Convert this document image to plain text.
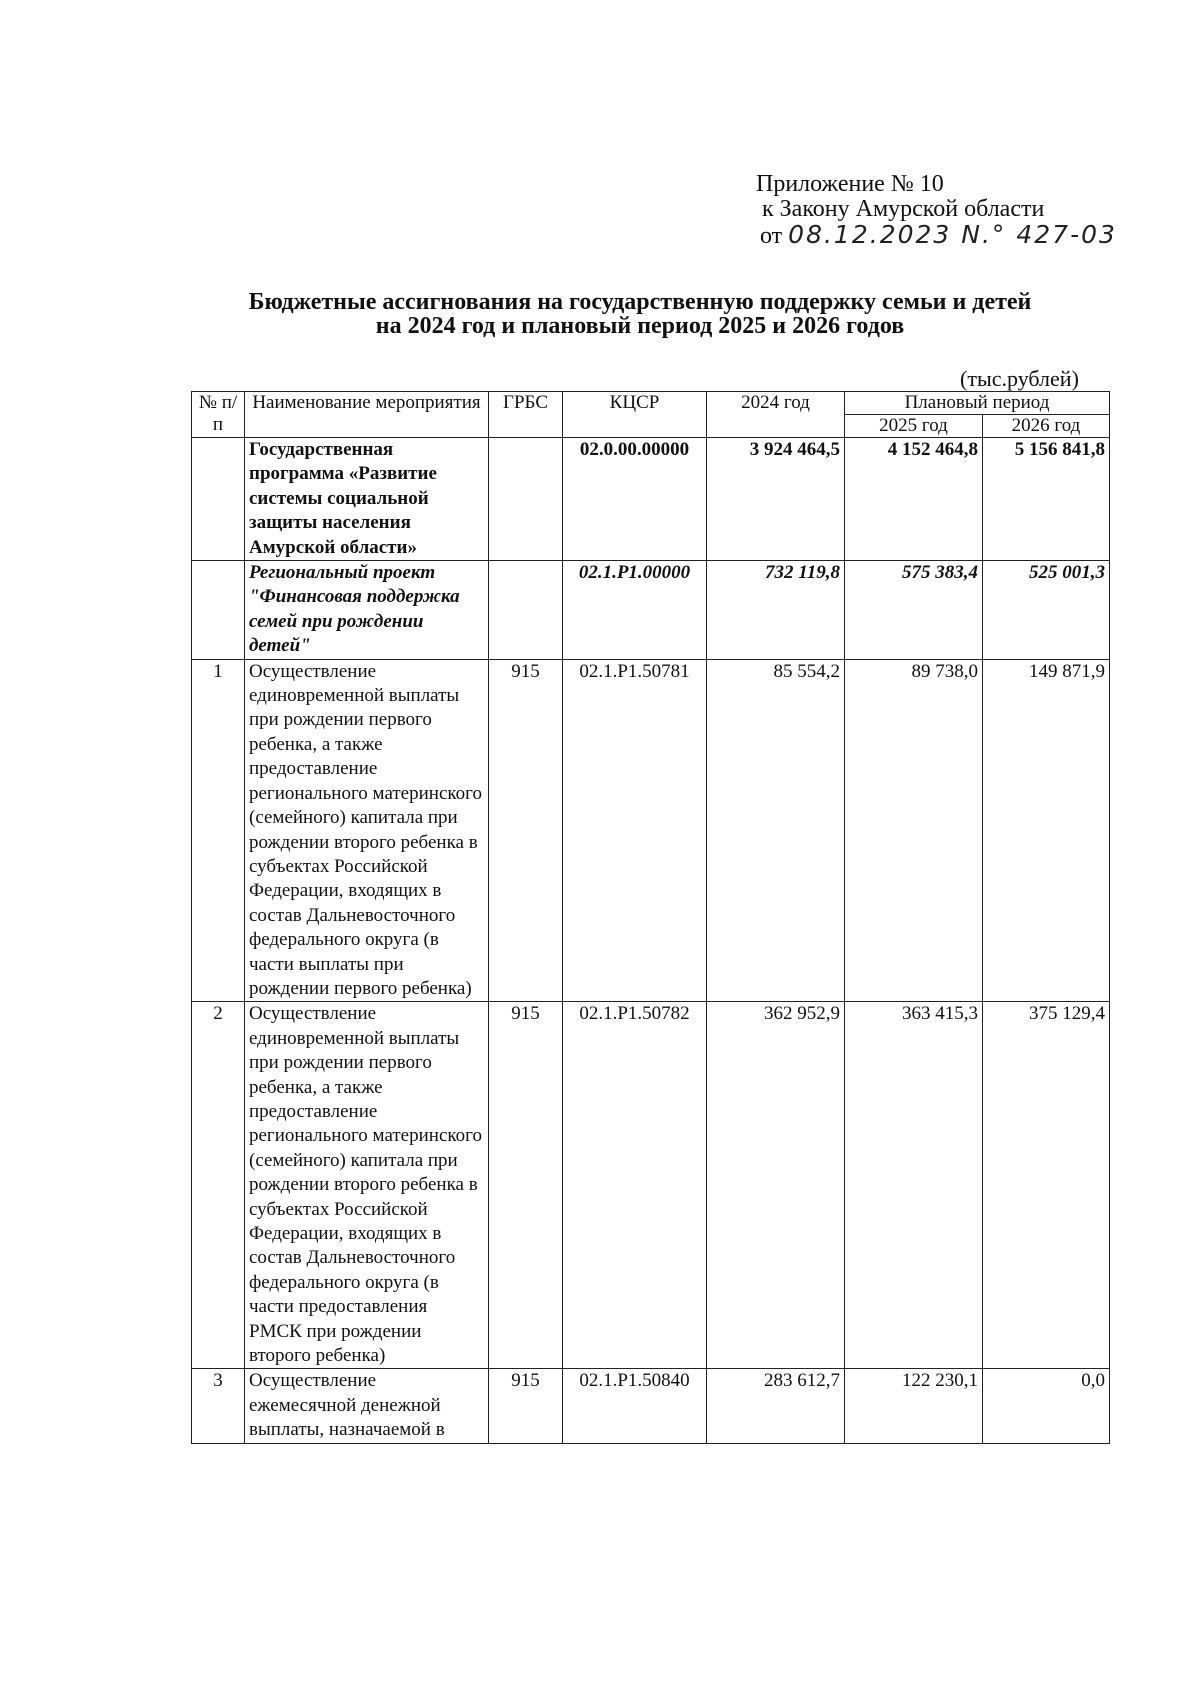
Приложение № 10
к Закону Амурской области
от 08.12.2023 N.° 427-03
Бюджетные ассигнования на государственную поддержку семьи и детей
на 2024 год и плановый период 2025 и 2026 годов
(тыс.рублей)
№ п/п	Наименование мероприятия	ГРБС	КЦСР	2024 год	Плановый период	
					2025 год	2026 год
	Государственная программа «Развитие системы социальной защиты населения Амурской области»		02.0.00.00000	3 924 464,5	4 152 464,8	5 156 841,8
	Региональный проект "Финансовая поддержка семей при рождении детей"		02.1.P1.00000	732 119,8	575 383,4	525 001,3
1	Осуществление единовременной выплаты при рождении первого ребенка, а также предоставление регионального материнского (семейного) капитала при рождении второго ребенка в субъектах Российской Федерации, входящих в состав Дальневосточного федерального округа (в части выплаты при рождении первого ребенка)	915	02.1.P1.50781	85 554,2	89 738,0	149 871,9
2	Осуществление единовременной выплаты при рождении первого ребенка, а также предоставление регионального материнского (семейного) капитала при рождении второго ребенка в субъектах Российской Федерации, входящих в состав Дальневосточного федерального округа (в части предоставления РМСК при рождении второго ребенка)	915	02.1.P1.50782	362 952,9	363 415,3	375 129,4
3	Осуществление ежемесячной денежной выплаты, назначаемой в	915	02.1.P1.50840	283 612,7	122 230,1	0,0
